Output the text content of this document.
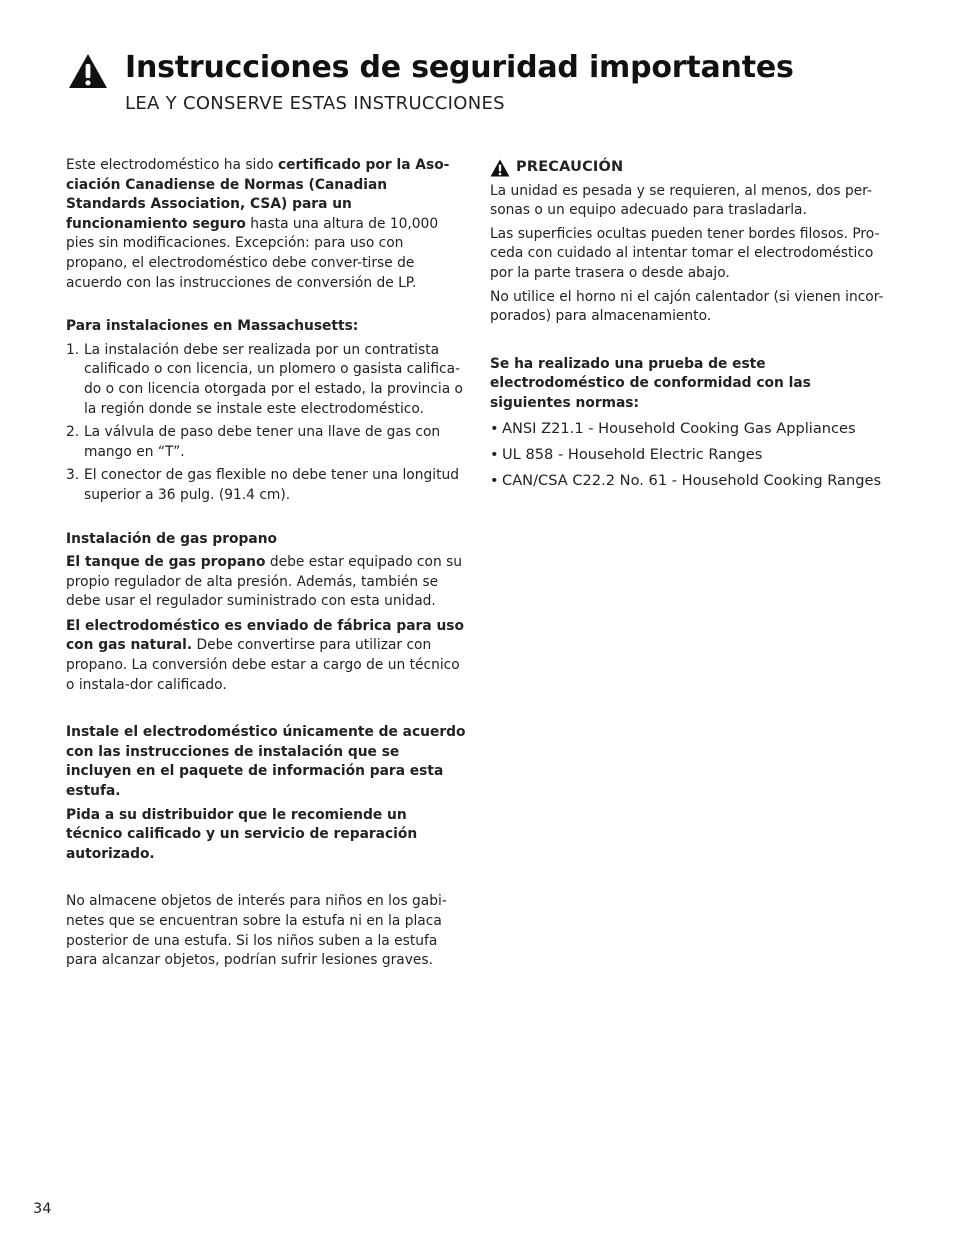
Instrucciones de seguridad importantes
LEA Y CONSERVE ESTAS INSTRUCCIONES

Este electrodoméstico ha sido certificado por la Aso-ciación Canadiense de Normas (Canadian Standards Association, CSA) para un funcionamiento seguro hasta una altura de 10,000 pies sin modificaciones. Excepción: para uso con propano, el electrodoméstico debe conver-tirse de acuerdo con las instrucciones de conversión de LP.

Para instalaciones en Massachusetts:

1. La instalación debe ser realizada por un contratista calificado o con licencia, un plomero o gasista califica-do o con licencia otorgada por el estado, la provincia o la región donde se instale este electrodoméstico.
2. La válvula de paso debe tener una llave de gas con mango en “T”.
3. El conector de gas flexible no debe tener una longitud superior a 36 pulg. (91.4 cm).

Instalación de gas propano

El tanque de gas propano debe estar equipado con su propio regulador de alta presión. Además, también se debe usar el regulador suministrado con esta unidad.

El electrodoméstico es enviado de fábrica para uso con gas natural. Debe convertirse para utilizar con propano. La conversión debe estar a cargo de un técnico o instala-dor calificado.

Instale el electrodoméstico únicamente de acuerdo con las instrucciones de instalación que se incluyen en el paquete de información para esta estufa.

Pida a su distribuidor que le recomiende un técnico calificado y un servicio de reparación autorizado.

No almacene objetos de interés para niños en los gabi-netes que se encuentran sobre la estufa ni en la placa posterior de una estufa. Si los niños suben a la estufa para alcanzar objetos, podrían sufrir lesiones graves.

PRECAUCIÓN

La unidad es pesada y se requieren, al menos, dos per-sonas o un equipo adecuado para trasladarla.

Las superficies ocultas pueden tener bordes filosos. Pro-ceda con cuidado al intentar tomar el electrodoméstico por la parte trasera o desde abajo.

No utilice el horno ni el cajón calentador (si vienen incor-porados) para almacenamiento.

Se ha realizado una prueba de este electrodoméstico de conformidad con las siguientes normas:

• ANSI Z21.1 - Household Cooking Gas Appliances
• UL 858 - Household Electric Ranges
• CAN/CSA C22.2 No. 61 - Household Cooking Ranges
34
